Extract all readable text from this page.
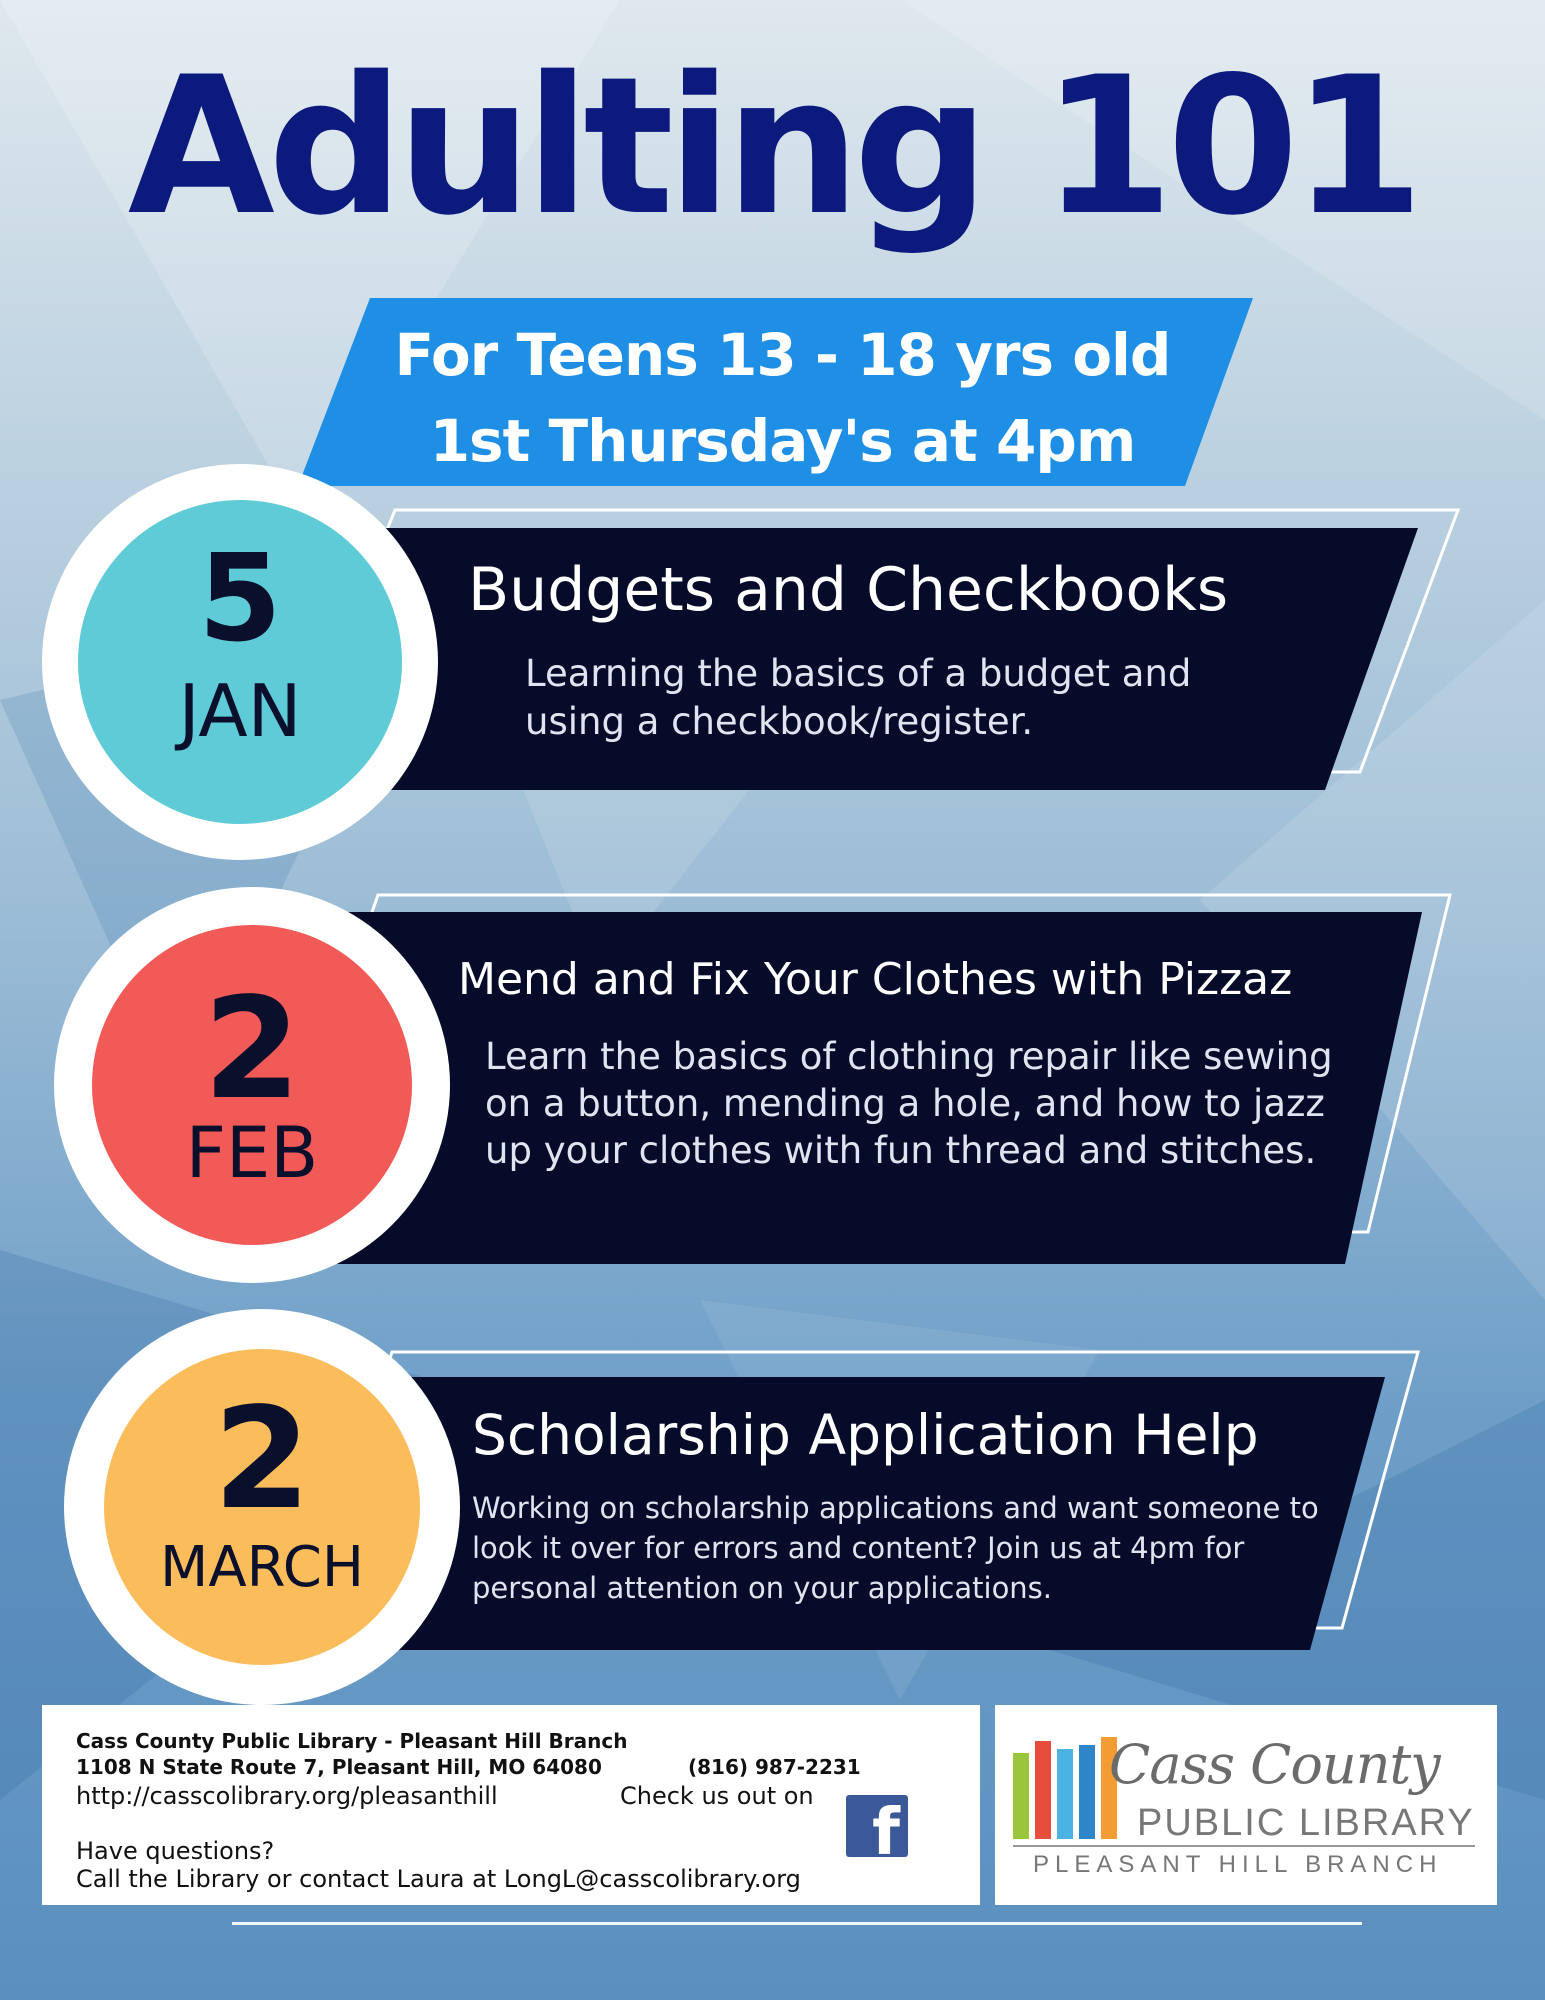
Adulting 101
For Teens 13 - 18 yrs old
1st Thursday's at 4pm
5
JAN
Budgets and Checkbooks
Learning the basics of a budget and using a checkbook/register.
2
FEB
Mend and Fix Your Clothes with Pizzaz
Learn the basics of clothing repair like sewing on a button, mending a hole, and how to jazz up your clothes with fun thread and stitches.
2
MARCH
Scholarship Application Help
Working on scholarship applications and want someone to look it over for errors and content? Join us at 4pm for personal attention on your applications.
Cass County Public Library - Pleasant Hill Branch
1108 N State Route 7, Pleasant Hill, MO 64080	(816) 987-2231
http://casscolibrary.org/pleasanthill	Check us out on f
Have questions?
Call the Library or contact Laura at LongL@casscolibrary.org
Cass County
PUBLIC LIBRARY
PLEASANT HILL BRANCH
